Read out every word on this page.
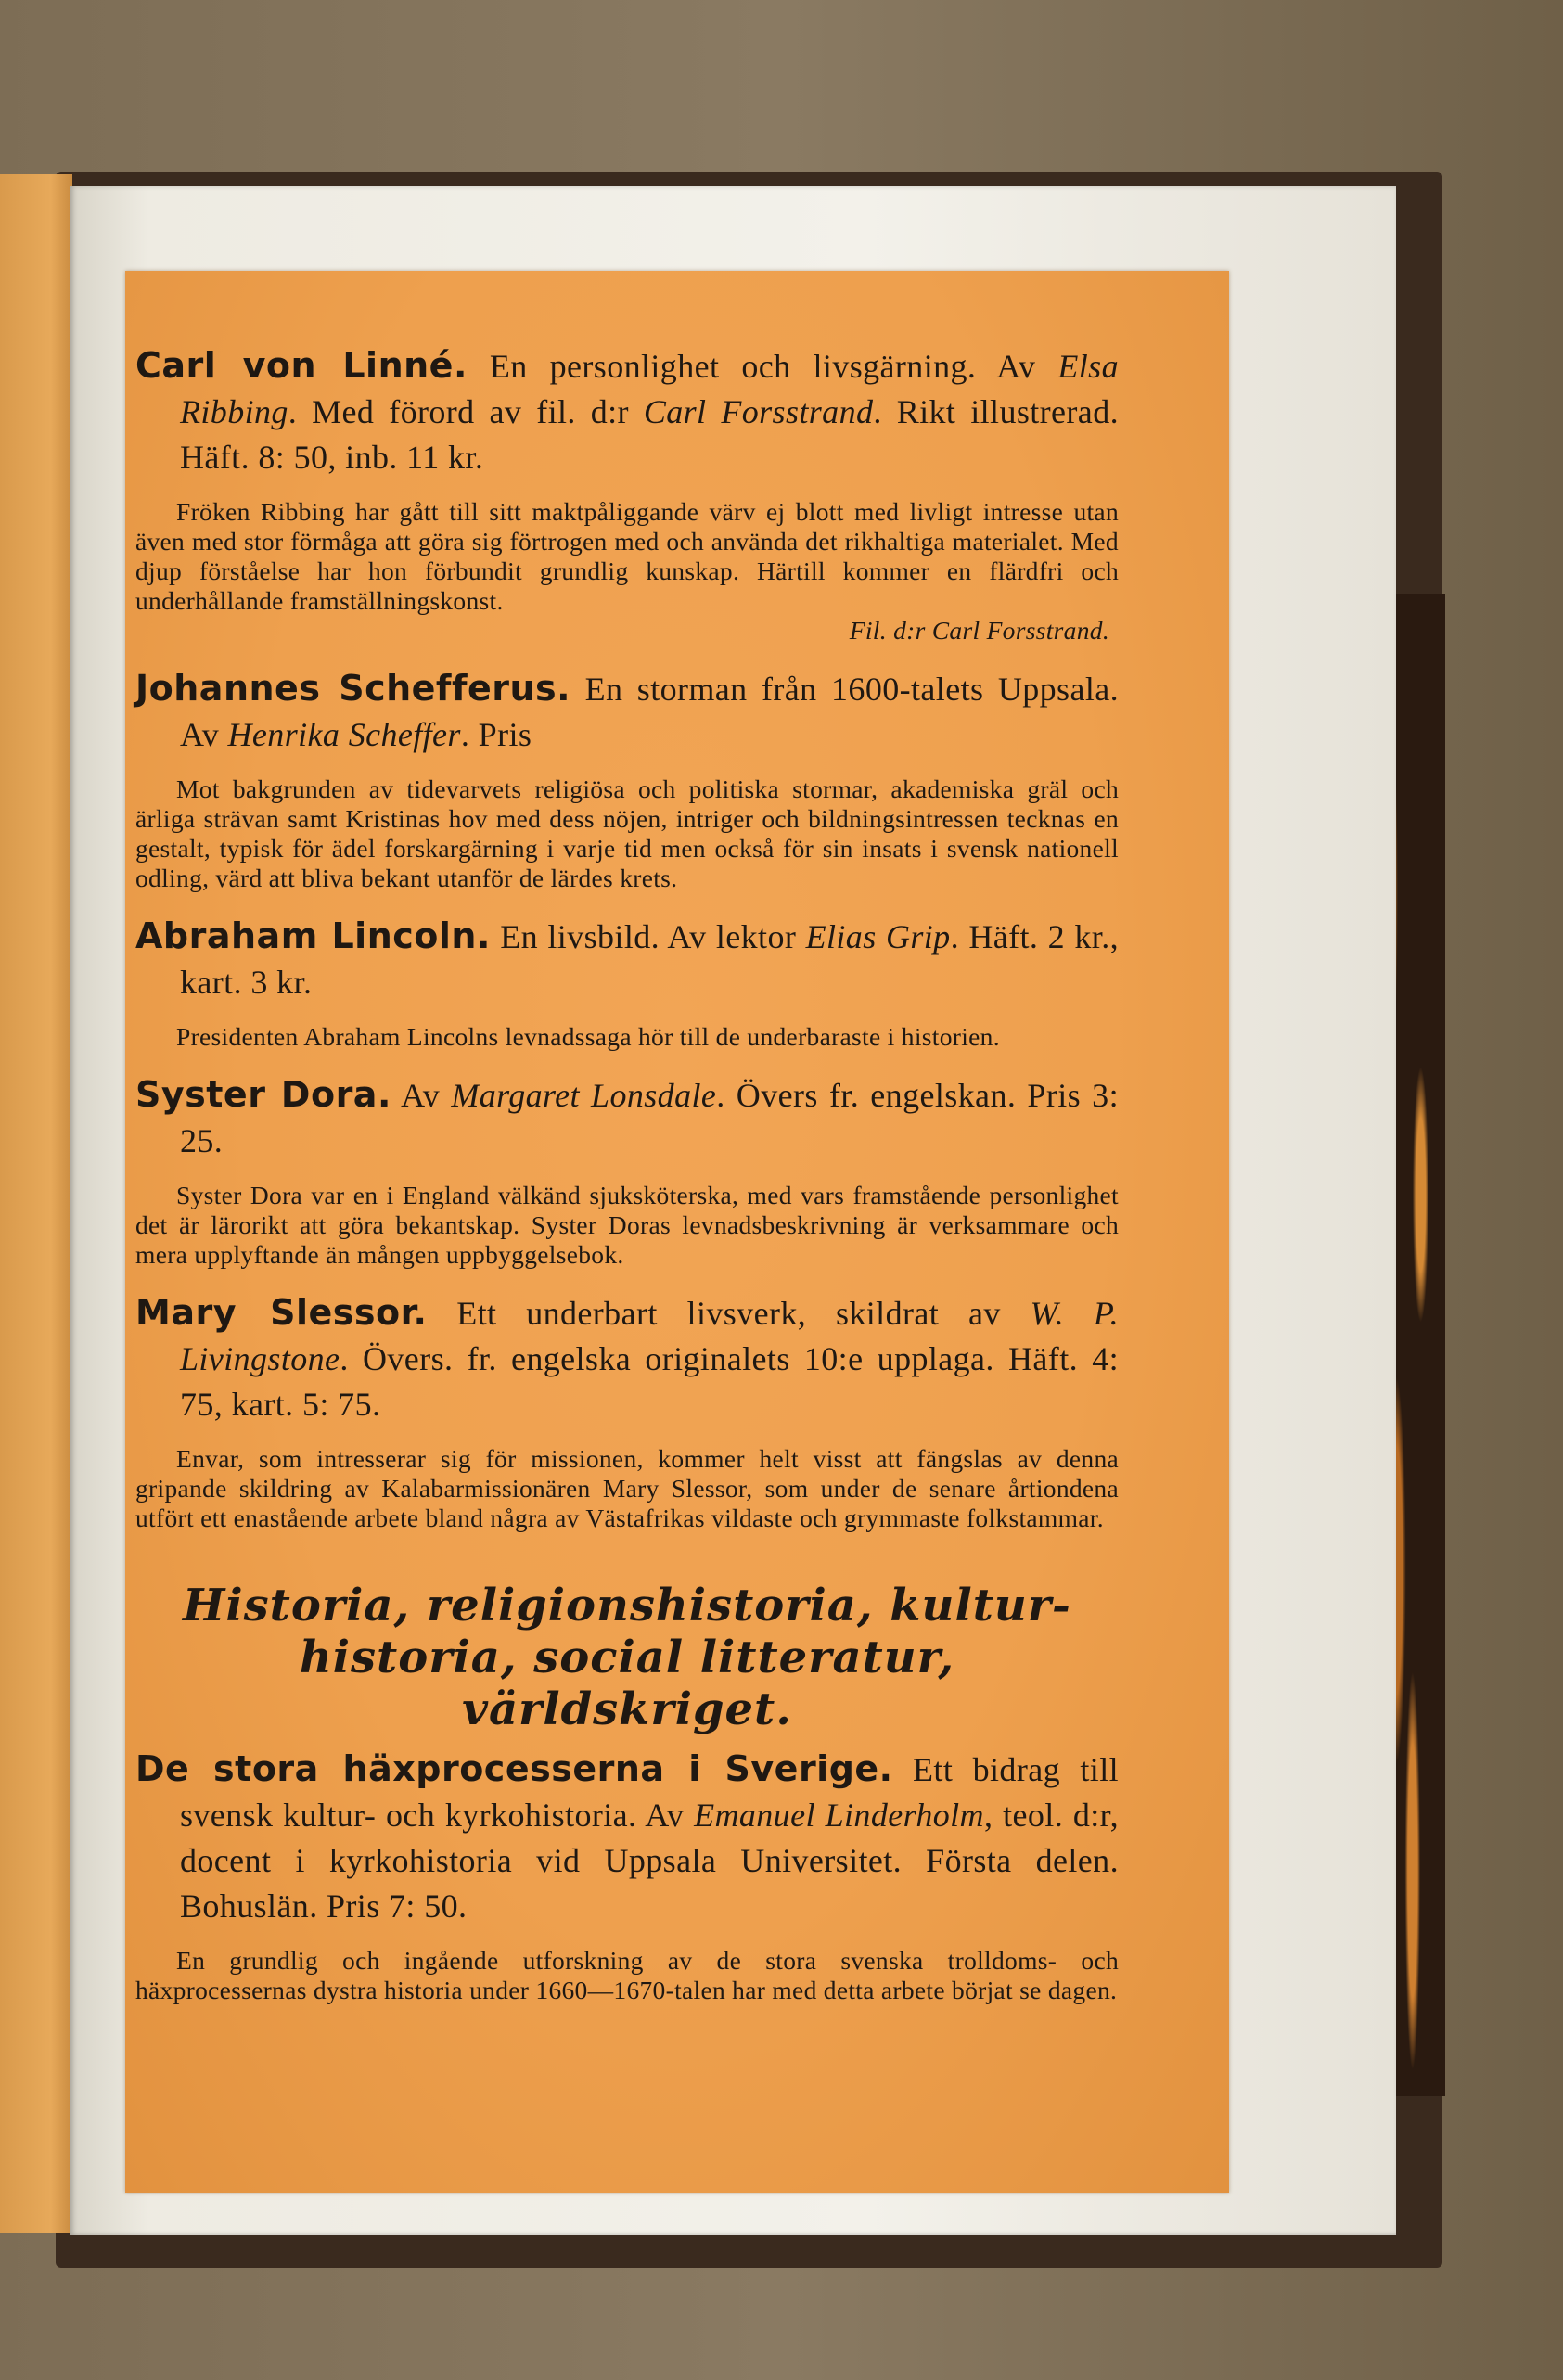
Carl von Linné. En personlighet och livsgärning. Av Elsa Ribbing. Med förord av fil. d:r Carl Forsstrand. Rikt illustrerad. Häft. 8: 50, inb. 11 kr.

Fröken Ribbing har gått till sitt maktpåliggande värv ej blott med livligt intresse utan även med stor förmåga att göra sig förtrogen med och använda det rikhaltiga materialet. Med djup förståelse har hon förbundit grundlig kunskap. Härtill kommer en flärdfri och underhållande framställningskonst.
Fil. d:r Carl Forsstrand.

Johannes Schefferus. En storman från 1600-talets Uppsala. Av Henrika Scheffer. Pris

Mot bakgrunden av tidevarvets religiösa och politiska stormar, akademiska gräl och ärliga strävan samt Kristinas hov med dess nöjen, intriger och bildningsintressen tecknas en gestalt, typisk för ädel forskargärning i varje tid men också för sin insats i svensk nationell odling, värd att bliva bekant utanför de lärdes krets.

Abraham Lincoln. En livsbild. Av lektor Elias Grip. Häft. 2 kr., kart. 3 kr.

Presidenten Abraham Lincolns levnadssaga hör till de underbaraste i historien.

Syster Dora. Av Margaret Lonsdale. Övers fr. engelskan. Pris 3: 25.

Syster Dora var en i England välkänd sjuksköterska, med vars framstående personlighet det är lärorikt att göra bekantskap. Syster Doras levnadsbeskrivning är verksammare och mera upplyftande än mången uppbyggelsebok.

Mary Slessor. Ett underbart livsverk, skildrat av W. P. Livingstone. Övers. fr. engelska originalets 10:e upplaga. Häft. 4: 75, kart. 5: 75.

Envar, som intresserar sig för missionen, kommer helt visst att fängslas av denna gripande skildring av Kalabarmissionären Mary Slessor, som under de senare årtiondena utfört ett enastående arbete bland några av Västafrikas vildaste och grymmaste folkstammar.

Historia, religionshistoria, kultur-
historia, social litteratur,
världskriget.

De stora häxprocesserna i Sverige. Ett bidrag till svensk kultur- och kyrkohistoria. Av Emanuel Linderholm, teol. d:r, docent i kyrkohistoria vid Uppsala Universitet. Första delen. Bohuslän. Pris 7: 50.

En grundlig och ingående utforskning av de stora svenska trolldoms- och häxprocessernas dystra historia under 1660—1670-talen har med detta arbete börjat se dagen.
